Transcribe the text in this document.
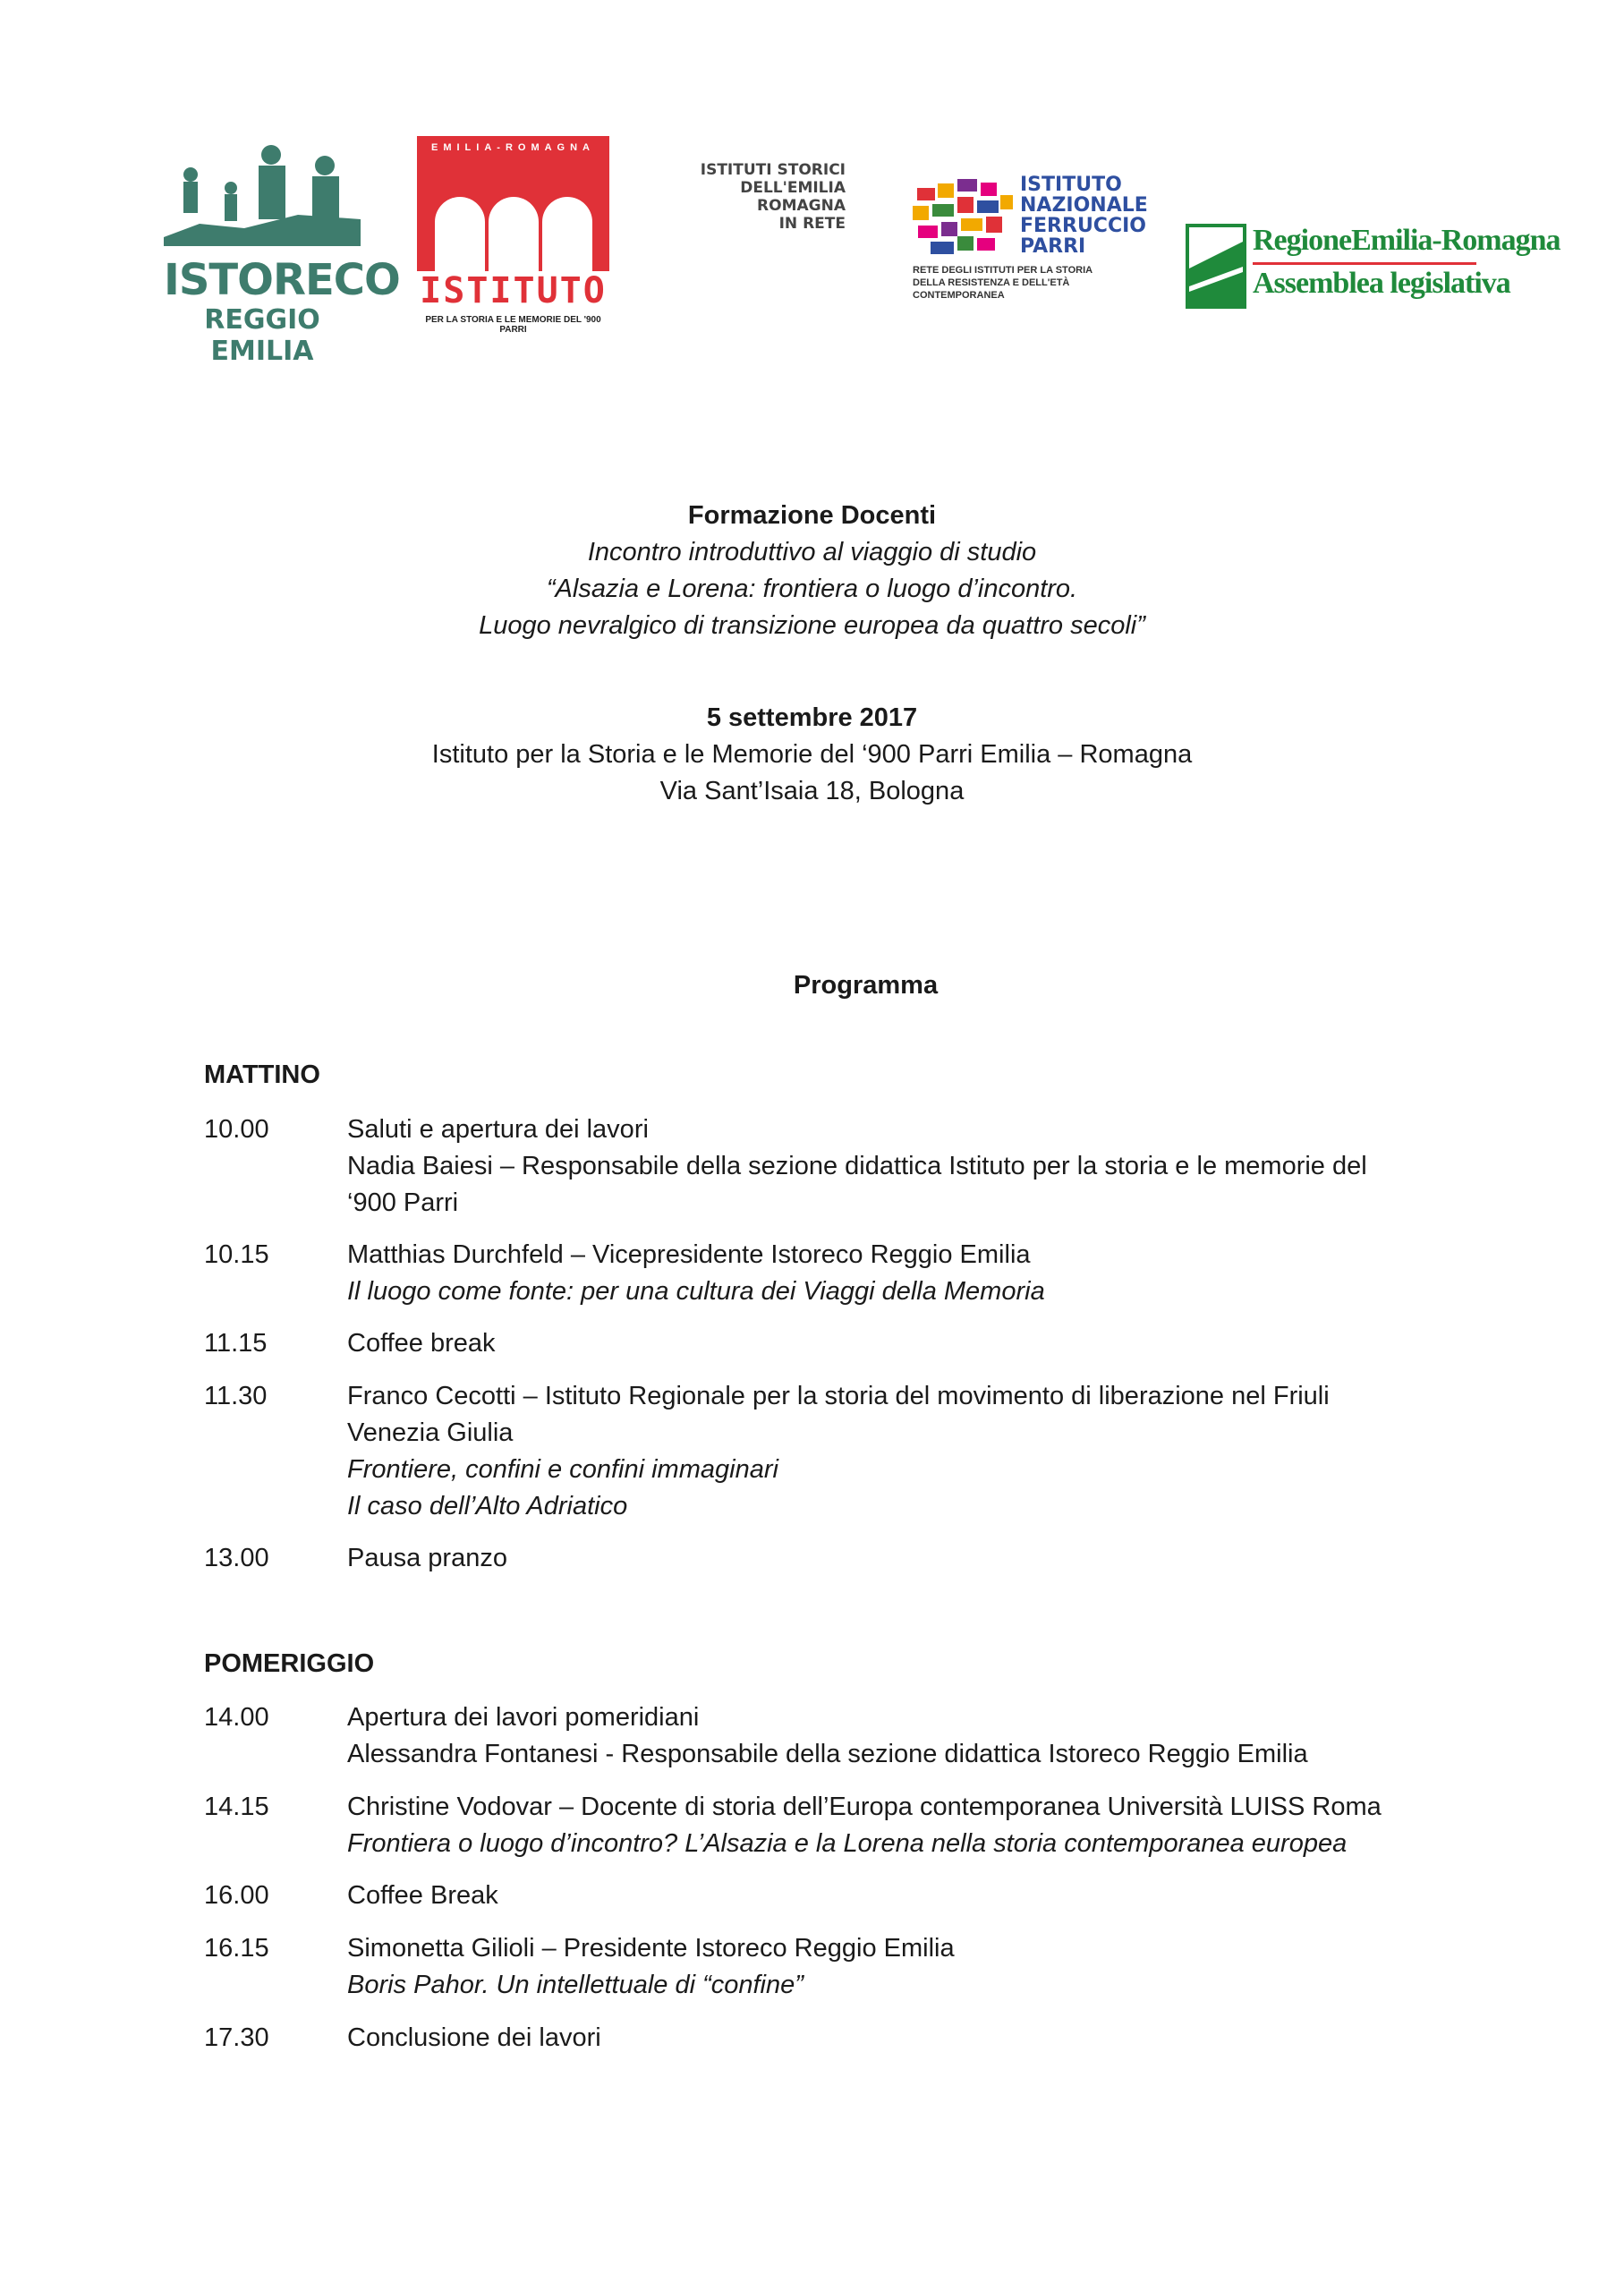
ISTORECO
REGGIO EMILIA
EMILIA-ROMAGNA
ISTITUTO
PER LA STORIA E LE MEMORIE DEL '900 PARRI
ISTITUTI STORICI
DELL'EMILIA
ROMAGNA
IN RETE
ISTITUTO
NAZIONALE
FERRUCCIO
PARRI
RETE DEGLI ISTITUTI PER LA STORIA
DELLA RESISTENZA E DELL'ETÀ
CONTEMPORANEA
RegioneEmilia-Romagna
Assemblea legislativa
Formazione Docenti
Incontro introduttivo al viaggio di studio
“Alsazia e Lorena: frontiera o luogo d’incontro.
Luogo nevralgico di transizione europea da quattro secoli”
5 settembre 2017
Istituto per la Storia e le Memorie del ‘900 Parri Emilia – Romagna
Via Sant’Isaia 18, Bologna
Programma
MATTINO
10.00	Saluti e apertura dei lavori
Nadia Baiesi – Responsabile della sezione didattica Istituto per la storia e le memorie del
‘900 Parri
10.15	Matthias Durchfeld – Vicepresidente Istoreco Reggio Emilia
Il luogo come fonte: per una cultura dei Viaggi della Memoria
11.15	Coffee break
11.30	Franco Cecotti – Istituto Regionale per la storia del movimento di liberazione nel Friuli
Venezia Giulia
Frontiere, confini e confini immaginari
Il caso dell’Alto Adriatico
13.00	Pausa pranzo
POMERIGGIO
14.00	Apertura dei lavori pomeridiani
Alessandra Fontanesi - Responsabile della sezione didattica Istoreco Reggio Emilia
14.15	Christine Vodovar – Docente di storia dell’Europa contemporanea Università LUISS Roma
Frontiera o luogo d’incontro? L’Alsazia e la Lorena nella storia contemporanea europea
16.00	Coffee Break
16.15	Simonetta Gilioli – Presidente Istoreco Reggio Emilia
Boris Pahor. Un intellettuale di “confine”
17.30	Conclusione dei lavori
